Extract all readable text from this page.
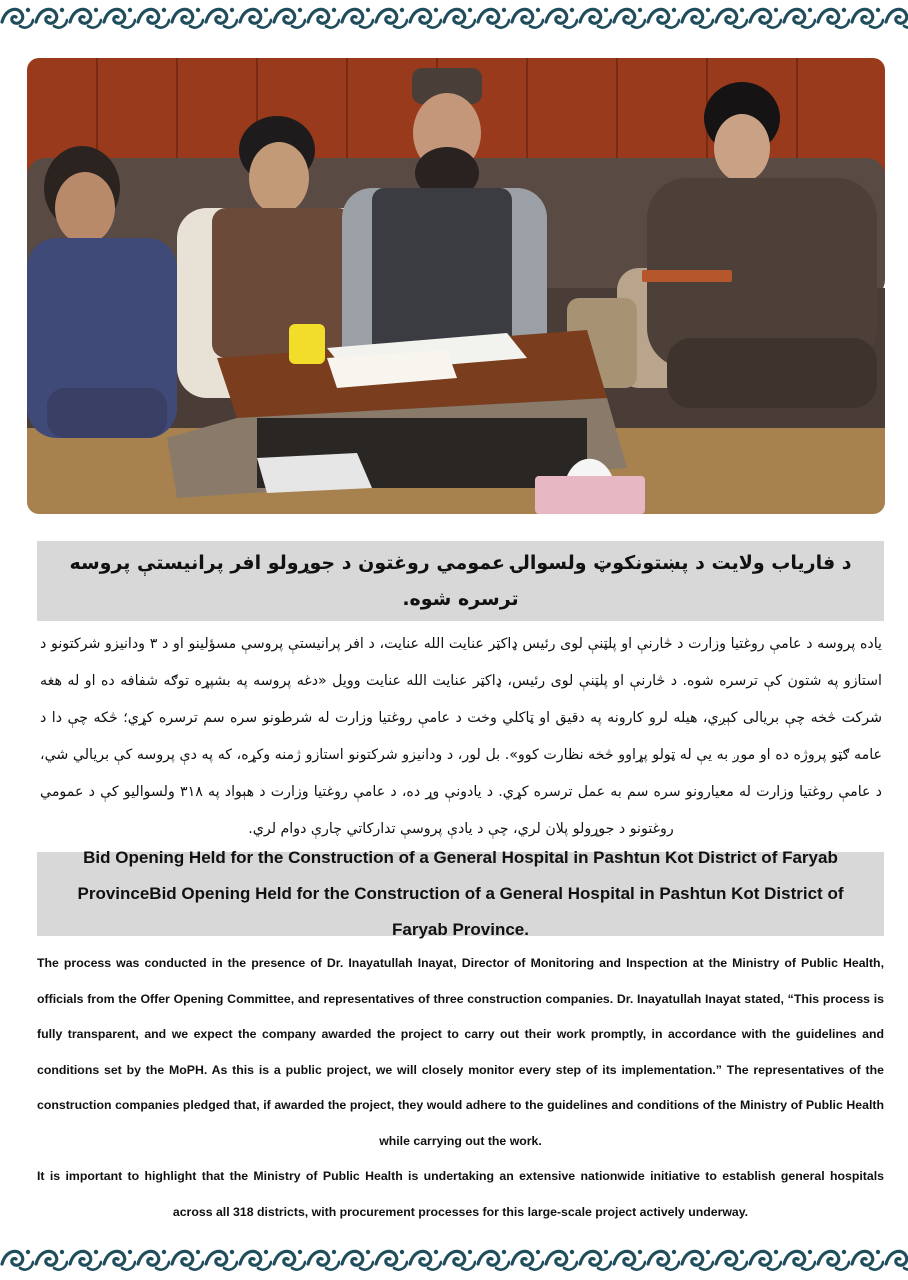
د فاریاب ولایت د پښتونکوټ ولسوالۍ عمومي روغتون د جوړولو افر پرانیستې پروسه ترسره شوه.

یاده پروسه د عامې روغتیا وزارت د څارنې او پلټنې لوی رئیس ډاکټر عنایت الله عنایت، د افر پرانیستې پروسې مسؤلینو او د ۳ ودانیزو شرکتونو د استازو په شتون کې ترسره شوه. د څارنې او پلټنې لوی رئیس، ډاکټر عنایت الله عنایت وویل «دغه پروسه په بشپړه توګه شفافه ده او له هغه شرکت څخه چې بریالی کېږي، هیله لرو کارونه په دقیق او ټاکلي وخت د عامې روغتیا وزارت له شرطونو سره سم ترسره کړي؛ څکه چې دا د عامه ګټو پروژه ده او موږ به یې له ټولو پړاوو څخه نظارت کوو». بل لور، د ودانیزو شرکتونو استازو ژمنه وکړه، که په دې پروسه کې بریالي شي، د عامې روغتیا وزارت له معیارونو سره سم به عمل ترسره کړي. د یادونې وړ ده، د عامې روغتیا وزارت د هېواد په ۳۱۸ ولسوالیو کې د عمومي روغتونو د جوړولو پلان لري، چې د یادې پروسې تدارکاتي چارې دوام لري.

Bid Opening Held for the Construction of a General Hospital in Pashtun Kot District of Faryab ProvinceBid Opening Held for the Construction of a General Hospital in Pashtun Kot District of Faryab Province.

The process was conducted in the presence of Dr. Inayatullah Inayat, Director of Monitoring and Inspection at the Ministry of Public Health, officials from the Offer Opening Committee, and representatives of three construction companies. Dr. Inayatullah Inayat stated, “This process is fully transparent, and we expect the company awarded the project to carry out their work promptly, in accordance with the guidelines and conditions set by the MoPH. As this is a public project, we will closely monitor every step of its implementation.” The representatives of the construction companies pledged that, if awarded the project, they would adhere to the guidelines and conditions of the Ministry of Public Health while carrying out the work.

It is important to highlight that the Ministry of Public Health is undertaking an extensive nationwide initiative to establish general hospitals across all 318 districts, with procurement processes for this large-scale project actively underway.
